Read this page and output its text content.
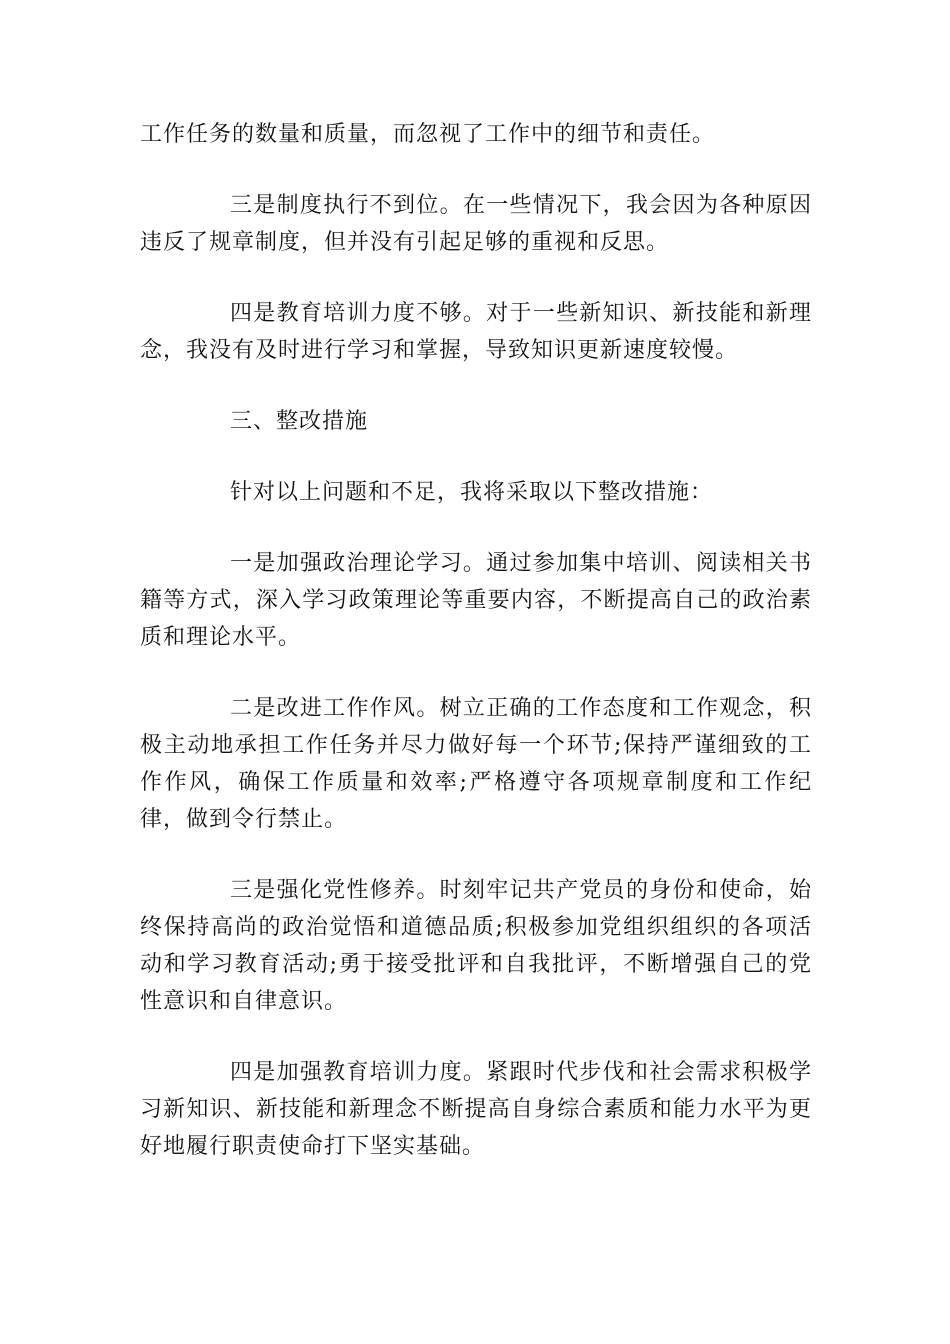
工作任务的数量和质量，而忽视了工作中的细节和责任。

三是制度执行不到位。在一些情况下，我会因为各种原因违反了规章制度，但并没有引起足够的重视和反思。

四是教育培训力度不够。对于一些新知识、新技能和新理念，我没有及时进行学习和掌握，导致知识更新速度较慢。

三、整改措施

针对以上问题和不足，我将采取以下整改措施：

一是加强政治理论学习。通过参加集中培训、阅读相关书籍等方式，深入学习政策理论等重要内容，不断提高自己的政治素质和理论水平。

二是改进工作作风。树立正确的工作态度和工作观念，积极主动地承担工作任务并尽力做好每一个环节;保持严谨细致的工作作风，确保工作质量和效率;严格遵守各项规章制度和工作纪律，做到令行禁止。

三是强化党性修养。时刻牢记共产党员的身份和使命，始终保持高尚的政治觉悟和道德品质;积极参加党组织组织的各项活动和学习教育活动;勇于接受批评和自我批评，不断增强自己的党性意识和自律意识。

四是加强教育培训力度。紧跟时代步伐和社会需求积极学习新知识、新技能和新理念不断提高自身综合素质和能力水平为更好地履行职责使命打下坚实基础。
